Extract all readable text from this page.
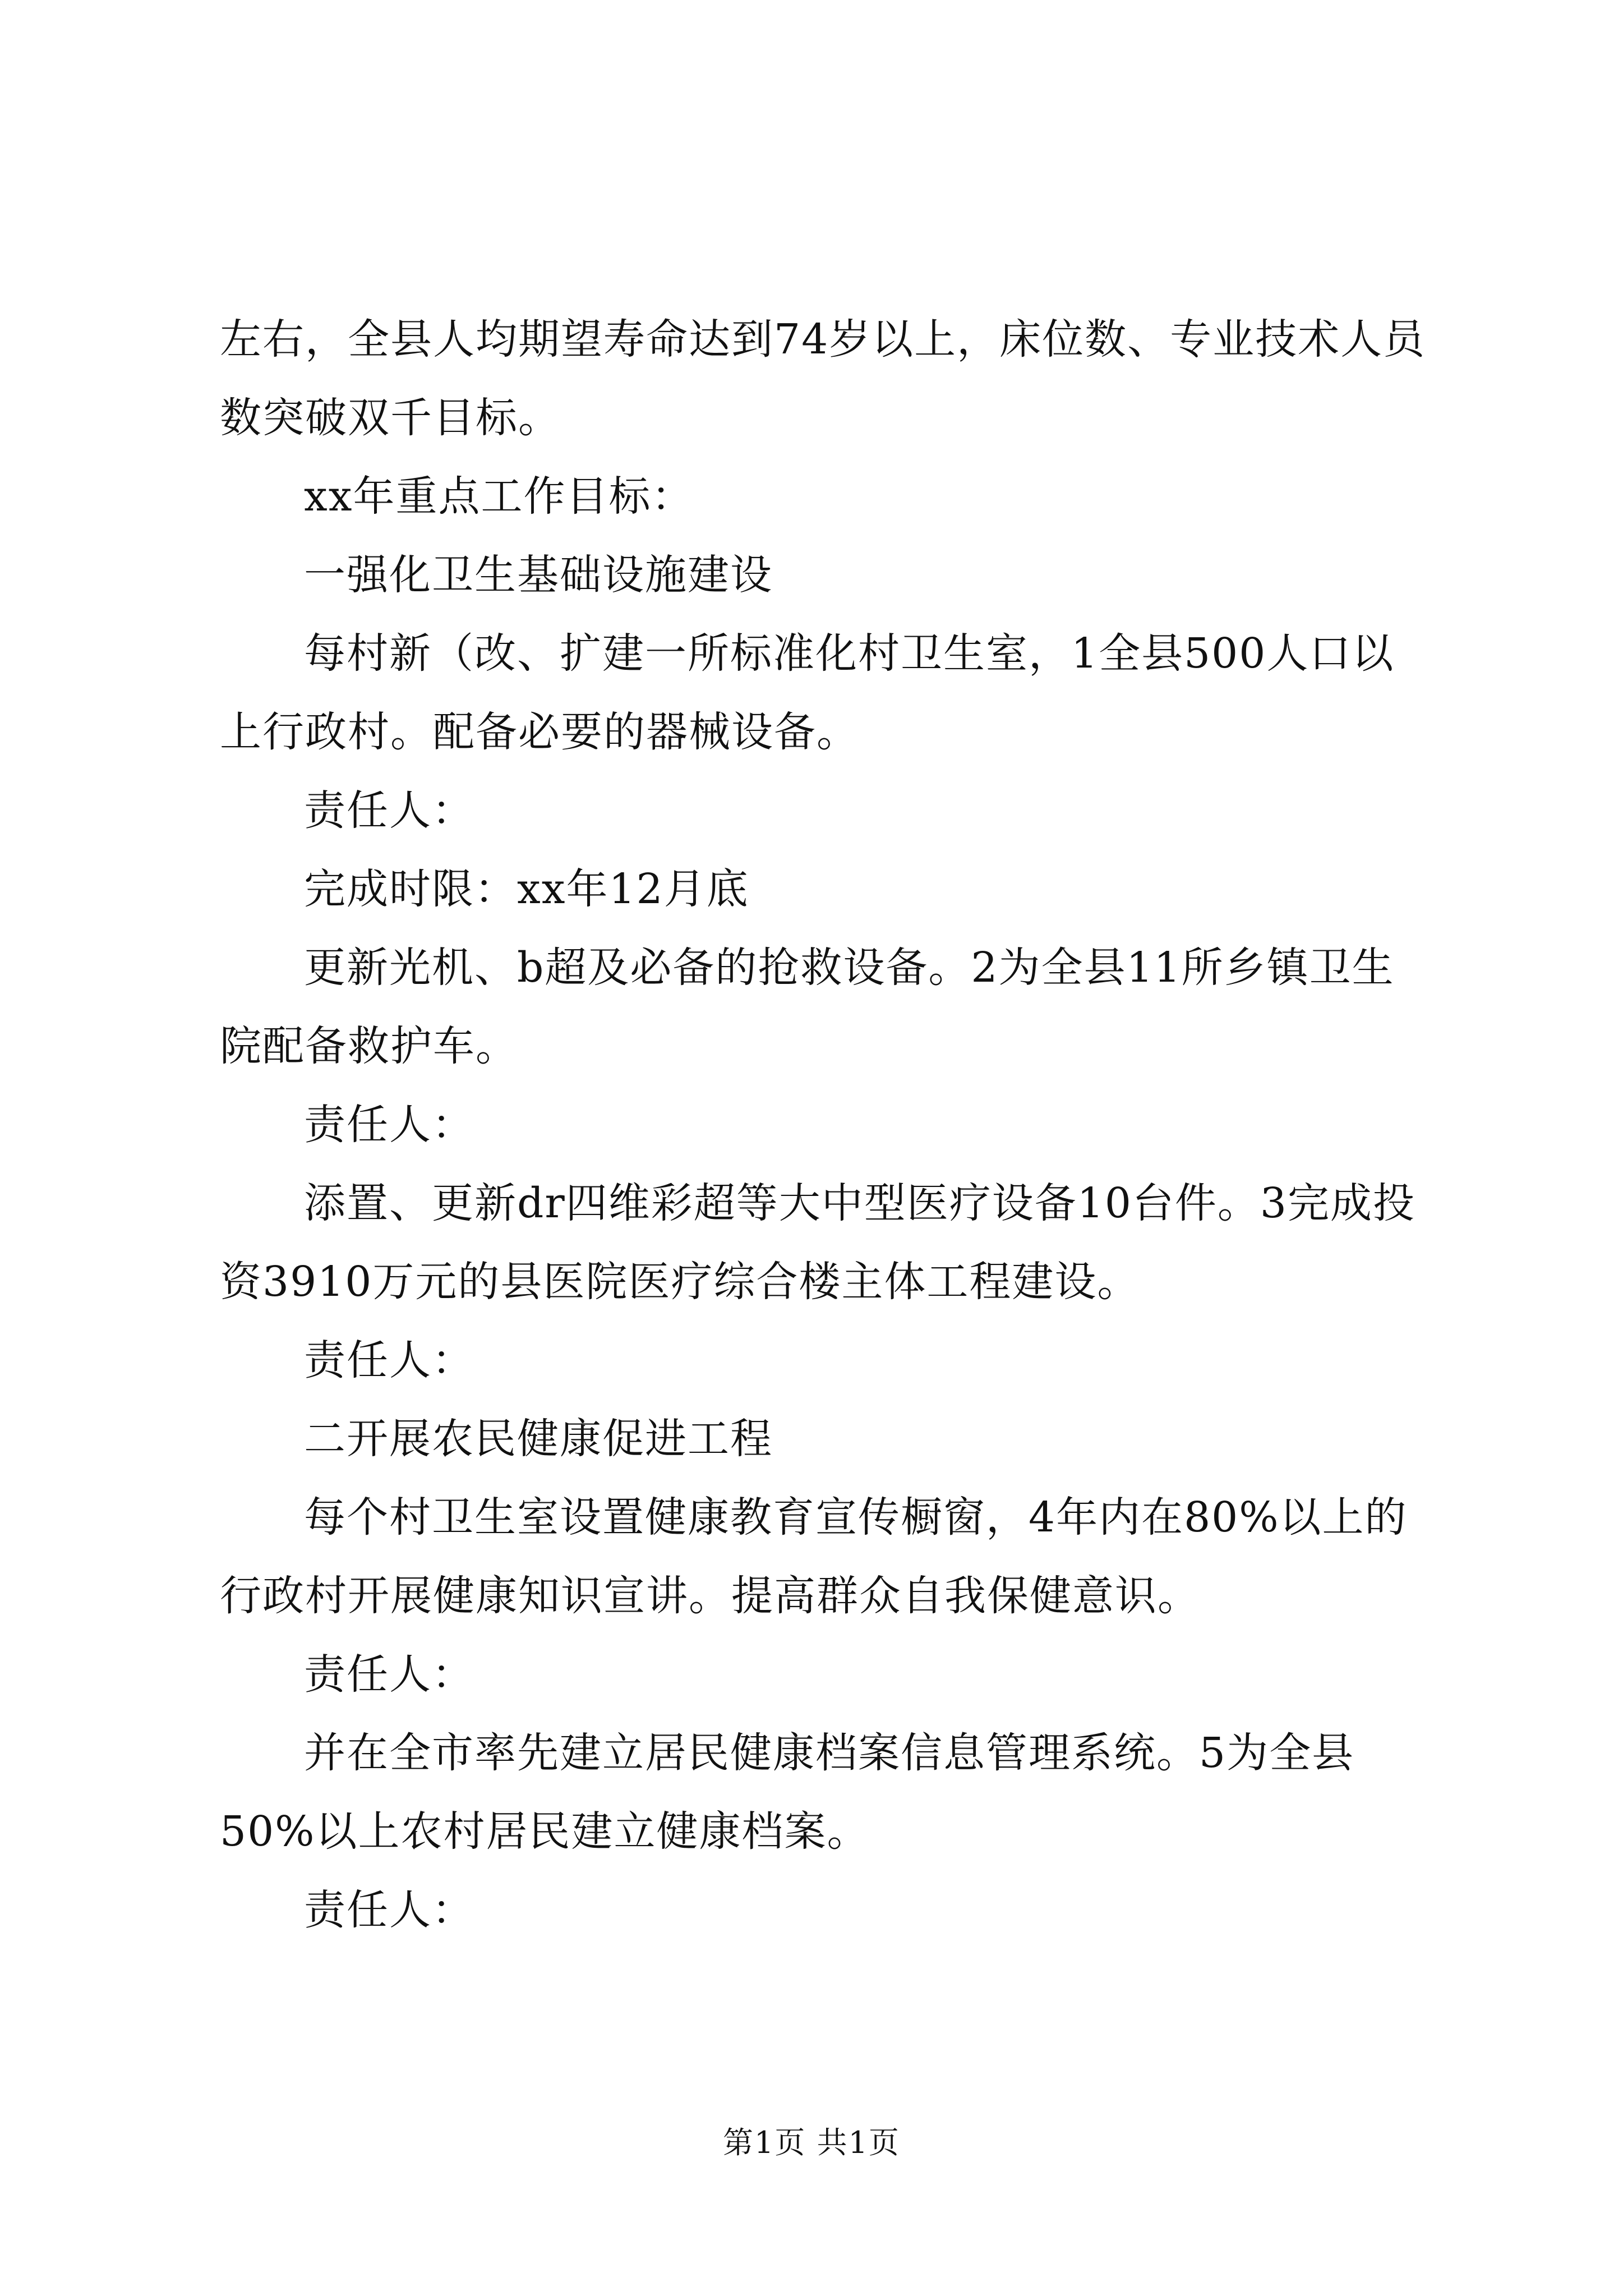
左右，全县人均期望寿命达到74岁以上，床位数、专业技术人员数突破双千目标。

xx年重点工作目标：

一强化卫生基础设施建设

每村新（改、扩建一所标准化村卫生室，1全县500人口以上行政村。配备必要的器械设备。

责任人：

完成时限：xx年12月底

更新光机、b超及必备的抢救设备。2为全县11所乡镇卫生院配备救护车。

责任人：

添置、更新dr四维彩超等大中型医疗设备10台件。3完成投资3910万元的县医院医疗综合楼主体工程建设。

责任人：

二开展农民健康促进工程

每个村卫生室设置健康教育宣传橱窗，4年内在80%以上的行政村开展健康知识宣讲。提高群众自我保健意识。

责任人：

并在全市率先建立居民健康档案信息管理系统。5为全县50%以上农村居民建立健康档案。

责任人：

第1页 共1页
